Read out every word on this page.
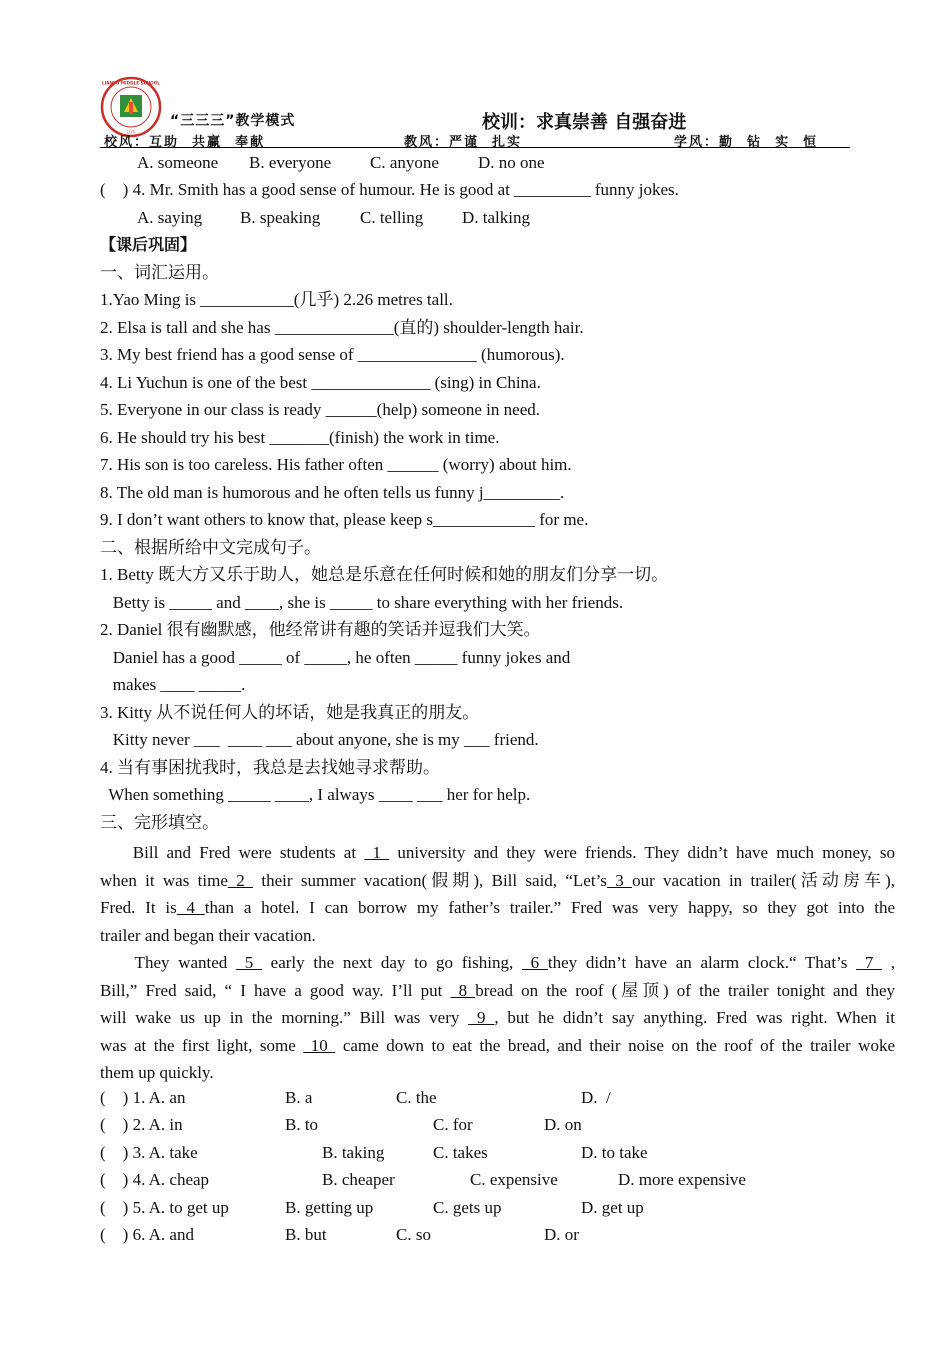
LIANYU MIDDLE SCHOOL
江西
“三三三”教学模式	校训：求真崇善 自强奋进
校风：互助  共赢  奉献	教风：严谨  扎实	学风：勤  钻  实  恒
A. someone B. everyone C. anyone D. no one
(    ) 4. Mr. Smith has a good sense of humour. He is good at _________ funny jokes.
A. saying B. speaking C. telling D. talking
【课后巩固】
一、词汇运用。
1.Yao Ming is ___________(几乎) 2.26 metres tall.
2. Elsa is tall and she has ______________(直的) shoulder-length hair.
3. My best friend has a good sense of ______________ (humorous).
4. Li Yuchun is one of the best ______________ (sing) in China.
5. Everyone in our class is ready ______(help) someone in need.
6. He should try his best _______(finish) the work in time.
7. His son is too careless. His father often ______ (worry) about him.
8. The old man is humorous and he often tells us funny j_________.
9. I don’t want others to know that, please keep s____________ for me.
二、根据所给中文完成句子。
1. Betty 既大方又乐于助人，她总是乐意在任何时候和她的朋友们分享一切。
Betty is _____ and ____, she is _____ to share everything with her friends.
2. Daniel 很有幽默感，他经常讲有趣的笑话并逗我们大笑。
Daniel has a good _____ of _____, he often _____ funny jokes and
makes ____ _____.
3. Kitty 从不说任何人的坏话，她是我真正的朋友。
Kitty never ___  ____ ___ about anyone, she is my ___ friend.
4. 当有事困扰我时，我总是去找她寻求帮助。
When something _____ ____, I always ____ ___ her for help.
三、完形填空。
Bill and Fred were students at  1  university and they were friends. They didn’t have much money, so
when it was time 2  their summer vacation(假期), Bill said, “Let’s 3 our vacation in trailer(活动房车),
Fred. It is 4 than a hotel. I can borrow my father’s trailer.” Fred was very happy, so they got into the
trailer and began their vacation.
They wanted  5  early the next day to go fishing,  6 they didn’t have an alarm clock.“ That’s  7  ,
Bill,” Fred said, “ I have a good way. I’ll put  8 bread on the roof (屋顶) of the trailer tonight and they
will wake us up in the morning.” Bill was very  9 , but he didn’t say anything. Fred was right. When it
was at the first light, some  10  came down to eat the bread, and their noise on the roof of the trailer woke
them up quickly.
(    ) 1. A. an	B. a	C. the	D.  /
(    ) 2. A. in	B. to	C. for	D. on
(    ) 3. A. take	B. taking	C. takes	D. to take
(    ) 4. A. cheap	B. cheaper	C. expensive	D. more expensive
(    ) 5. A. to get up	B. getting up	C. gets up	D. get up
(    ) 6. A. and	B. but	C. so	D. or
